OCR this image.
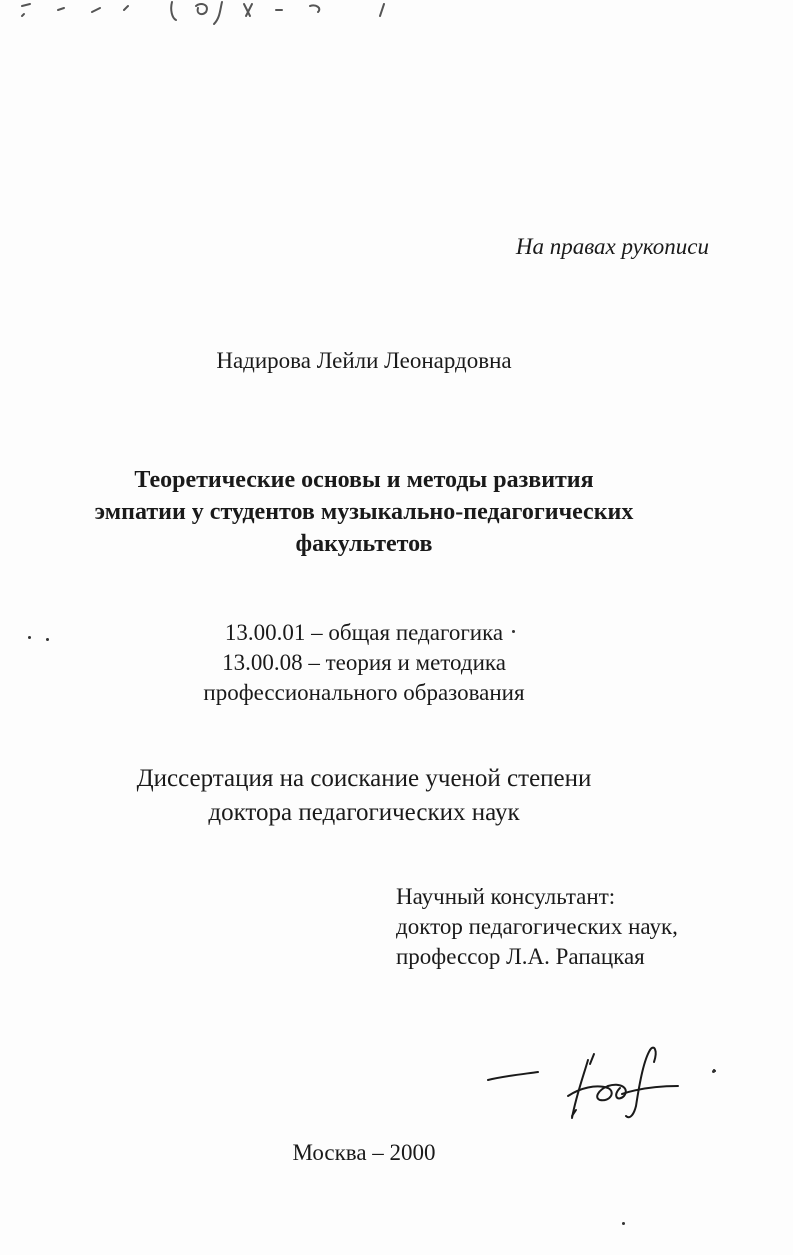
На правах рукописи
Надирова Лейли Леонардовна
Теоретические основы и методы развития
эмпатии у студентов музыкально-педагогических
факультетов
13.00.01 – общая педагогика
13.00.08 – теория и методика
профессионального образования
Диссертация на соискание ученой степени
доктора педагогических наук
Научный консультант:
доктор педагогических наук,
профессор Л.А. Рапацкая
Москва – 2000
